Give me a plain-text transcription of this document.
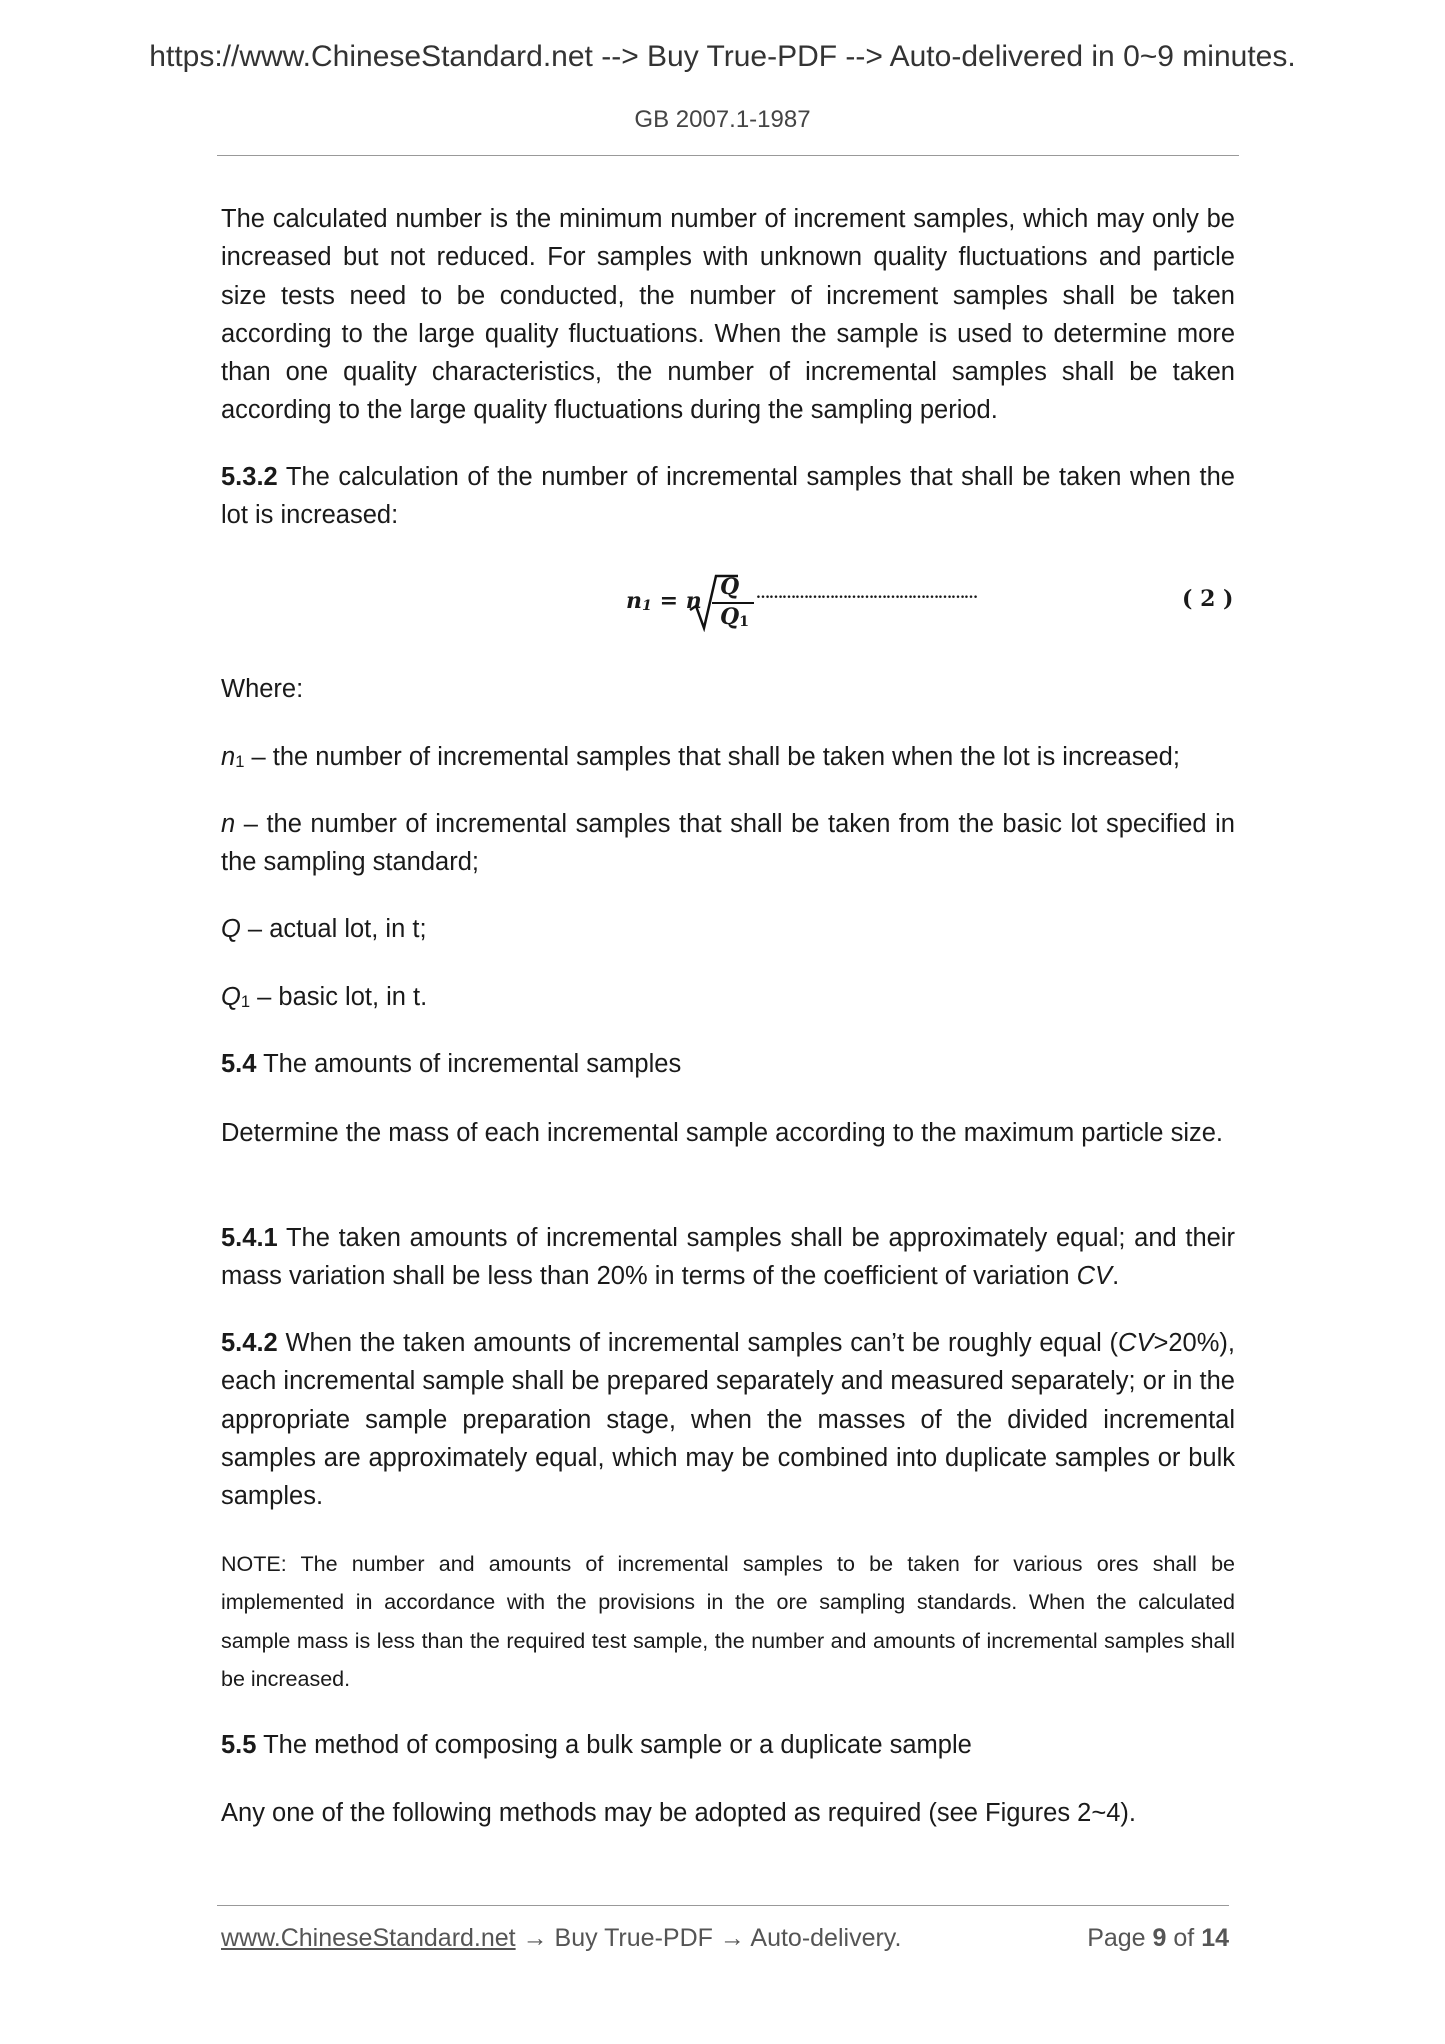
https://www.ChineseStandard.net --> Buy True-PDF --> Auto-delivered in 0~9 minutes.
GB 2007.1-1987
The calculated number is the minimum number of increment samples, which may only be increased but not reduced. For samples with unknown quality fluctuations and particle size tests need to be conducted, the number of increment samples shall be taken according to the large quality fluctuations. When the sample is used to determine more than one quality characteristics, the number of incremental samples shall be taken according to the large quality fluctuations during the sampling period.
5.3.2 The calculation of the number of incremental samples that shall be taken when the lot is increased:
$n_1 = n$
Q
$Q_1$
……………………………………………	( 2 )
Where:
$n_1$ – the number of incremental samples that shall be taken when the lot is increased;
n – the number of incremental samples that shall be taken from the basic lot specified in the sampling standard;
Q – actual lot, in t;
$Q_1$ – basic lot, in t.
5.4 The amounts of incremental samples
Determine the mass of each incremental sample according to the maximum particle size.
5.4.1 The taken amounts of incremental samples shall be approximately equal; and their mass variation shall be less than 20% in terms of the coefficient of variation CV.
5.4.2 When the taken amounts of incremental samples can’t be roughly equal (CV>20%), each incremental sample shall be prepared separately and measured separately; or in the appropriate sample preparation stage, when the masses of the divided incremental samples are approximately equal, which may be combined into duplicate samples or bulk samples.
NOTE: The number and amounts of incremental samples to be taken for various ores shall be implemented in accordance with the provisions in the ore sampling standards. When the calculated sample mass is less than the required test sample, the number and amounts of incremental samples shall be increased.
5.5 The method of composing a bulk sample or a duplicate sample
Any one of the following methods may be adopted as required (see Figures 2~4).
www.ChineseStandard.net → Buy True-PDF → Auto-delivery.	Page 9 of 14
